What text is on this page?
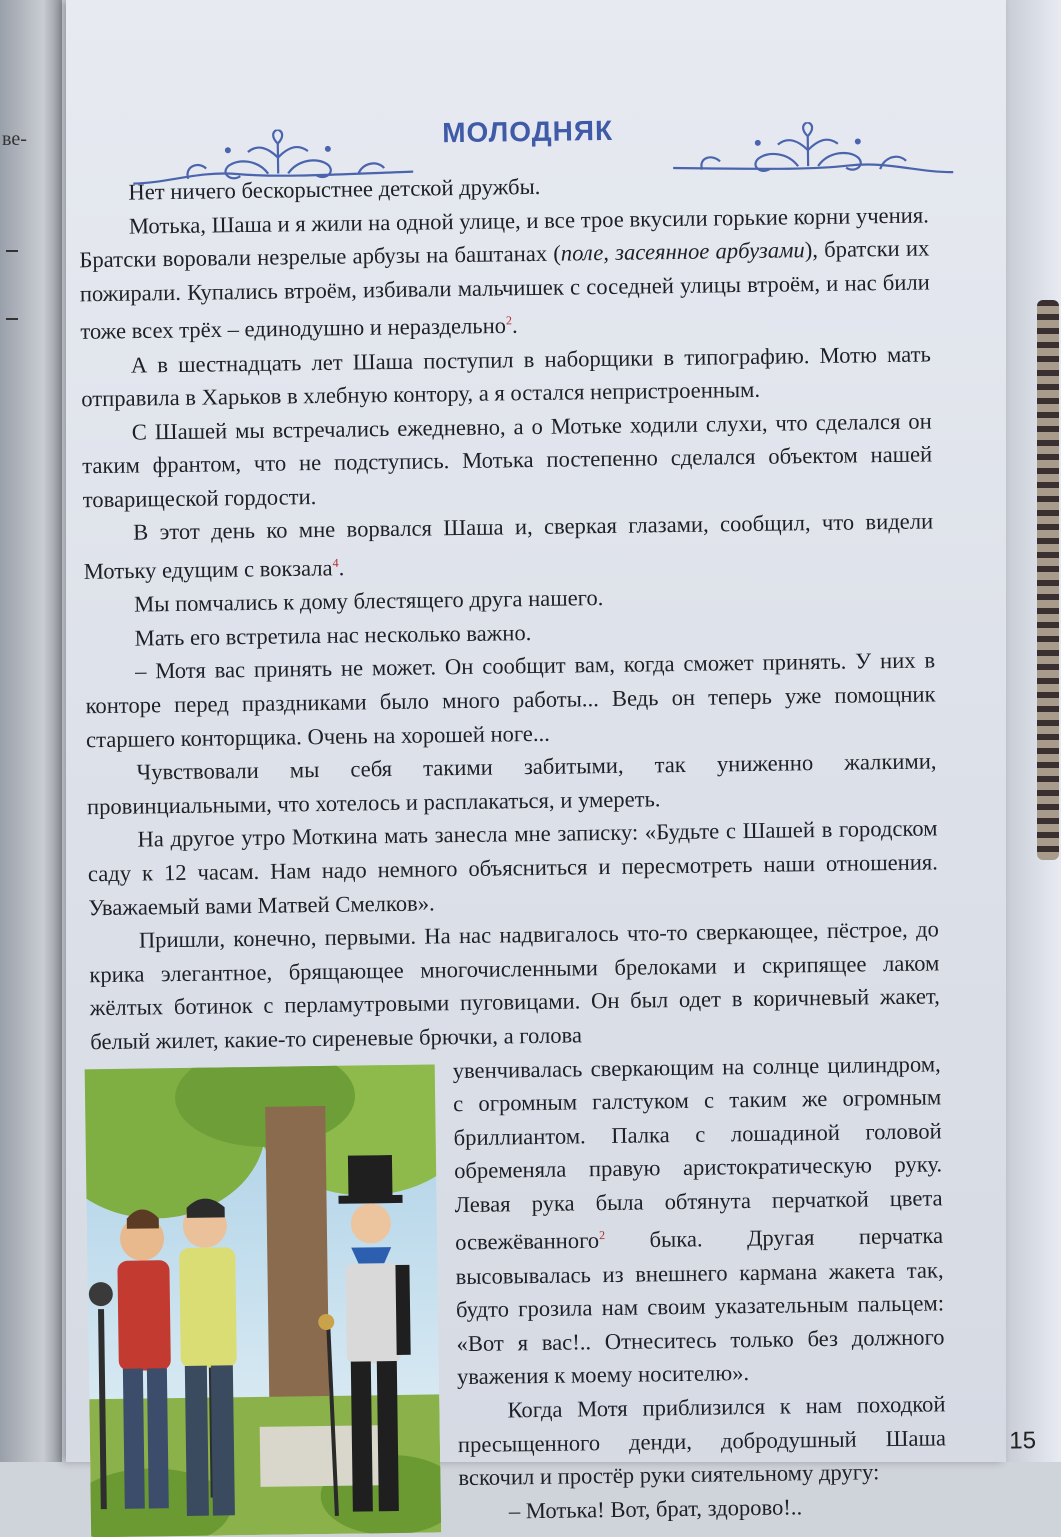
ве-	МОЛОДНЯК

Нет ничего бескорыстнее детской дружбы.

Мотька, Шаша и я жили на одной улице, и все трое вкусили горькие корни учения. Братски воровали незрелые арбузы на баштанах (поле, засеянное арбузами), братски их пожирали. Купались втроём, избивали мальчишек с соседней улицы втроём, и нас били тоже всех трёх – единодушно и нераздельно$^2$.

А в шестнадцать лет Шаша поступил в наборщики в типографию. Мотю мать отправила в Харьков в хлебную контору, а я остался непристроенным.

С Шашей мы встречались ежедневно, а о Мотьке ходили слухи, что сделался он таким франтом, что не подступись. Мотька постепенно сделался объектом нашей товарищеской гордости.

В этот день ко мне ворвался Шаша и, сверкая глазами, сообщил, что видели Мотьку едущим с вокзала$^4$.

Мы помчались к дому блестящего друга нашего.

Мать его встретила нас несколько важно.

– Мотя вас принять не может. Он сообщит вам, когда сможет принять. У них в конторе перед праздниками было много работы... Ведь он теперь уже помощник старшего конторщика. Очень на хорошей ноге...

Чувствовали мы себя такими забитыми, так униженно жалкими, провинциальными, что хотелось и расплакаться, и умереть.

На другое утро Моткина мать занесла мне записку: «Будьте с Шашей в городском саду к 12 часам. Нам надо немного объясниться и пересмотреть наши отношения. Уважаемый вами Матвей Смелков».

Пришли, конечно, первыми. На нас надвигалось что-то сверкающее, пёстрое, до крика элегантное, брящающее многочисленными брелоками и скрипящее лаком жёлтых ботинок с перламутровыми пуговицами. Он был одет в коричневый жакет, белый жилет, какие-то сиреневые брючки, а голова

увенчивалась сверкающим на солнце цилиндром, с огромным галстуком с таким же огромным бриллиантом. Палка с лошадиной головой обременяла правую аристократическую руку. Левая рука была обтянута перчаткой цвета освежёванного$^2$ быка. Другая перчатка высовывалась из внешнего кармана жакета так, будто грозила нам своим указательным пальцем: «Вот я вас!.. Отнеситесь только без должного уважения к моему носителю».

Когда Мотя приблизился к нам походкой пресыщенного денди, добродушный Шаша вскочил и простёр руки сиятельному другу:

– Мотька! Вот, брат, здорово!..

15
